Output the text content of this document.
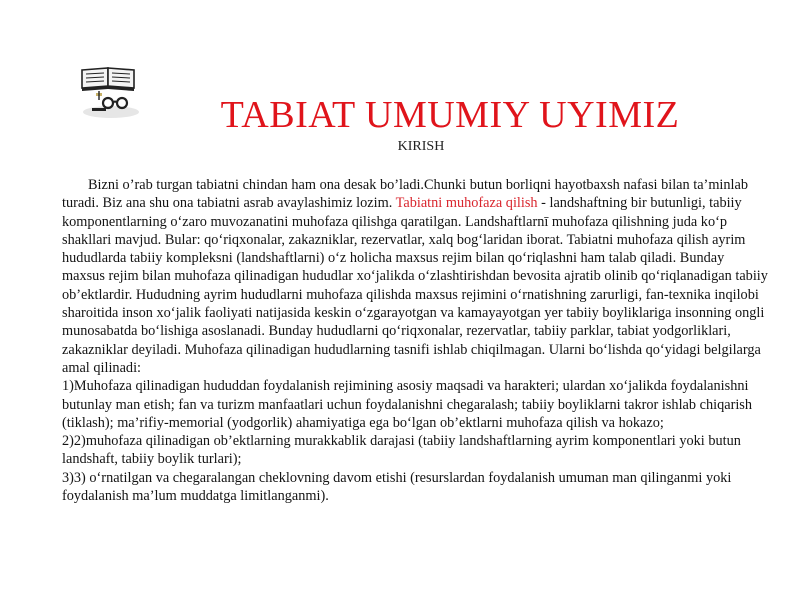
TABIAT UMUMIY UYIMIZ
KIRISH

Bizni o’rab turgan tabiatni chindan ham ona desak bo’ladi.Chunki butun borliqni hayotbaxsh nafasi bilan ta’minlab turadi. Biz ana shu ona tabiatni asrab avaylashimiz lozim. Tabiatni muhofaza qilish - landshaftning bir butunligi, tabiiy komponentlarning o‘zaro muvozanatini muhofaza qilishga qaratilgan. Landshaftlarnī muhofaza qilishning juda ko‘p shakllari mavjud. Bular: qo‘riqxonalar, zakazniklar, rezervatlar, xalq bog‘laridan iborat. Tabiatni muhofaza qilish ayrim hududlarda tabiiy kompleksni (landshaftlarni) o‘z holicha maxsus rejim bilan qo‘riqlashni ham talab qiladi. Bunday maxsus rejim bilan muhofaza qilinadigan hududlar xo‘jalikda o‘zlashtirishdan bevosita ajratib olinib qo‘riqlanadigan tabiiy ob’ektlardir. Hududning ayrim hududlarni muhofaza qilishda maxsus rejimini o‘rnatishning zarurligi, fan-texnika inqilobi sharoitida inson xo‘jalik faoliyati natijasida keskin o‘zgarayotgan va kamayayotgan yer tabiiy boyliklariga insonning ongli munosabatda bo‘lishiga asoslanadi. Bunday hududlarni qo‘riqxonalar, rezervatlar, tabiiy parklar, tabiat yodgorliklari, zakazniklar deyiladi. Muhofaza qilinadigan hududlarning tasnifi ishlab chiqilmagan. Ularni bo‘lishda qo‘yidagi belgilarga amal qilinadi:

1)Muhofaza qilinadigan hududdan foydalanish rejimining asosiy maqsadi va harakteri; ulardan xo‘jalikda foydalanishni butunlay man etish; fan va turizm manfaatlari uchun foydalanishni chegaralash; tabiiy boyliklarni takror ishlab chiqarish (tiklash); ma’rifiy-memorial (yodgorlik) ahamiyatiga ega bo‘lgan ob’ektlarni muhofaza qilish va hokazo;

2)2)muhofaza qilinadigan ob’ektlarning murakkablik darajasi (tabiiy landshaftlarning ayrim komponentlari yoki butun landshaft, tabiiy boylik turlari);

3)3) o‘rnatilgan va chegaralangan cheklovning davom etishi (resurslardan foydalanish umuman man qilinganmi yoki foydalanish ma’lum muddatga limitlanganmi).
